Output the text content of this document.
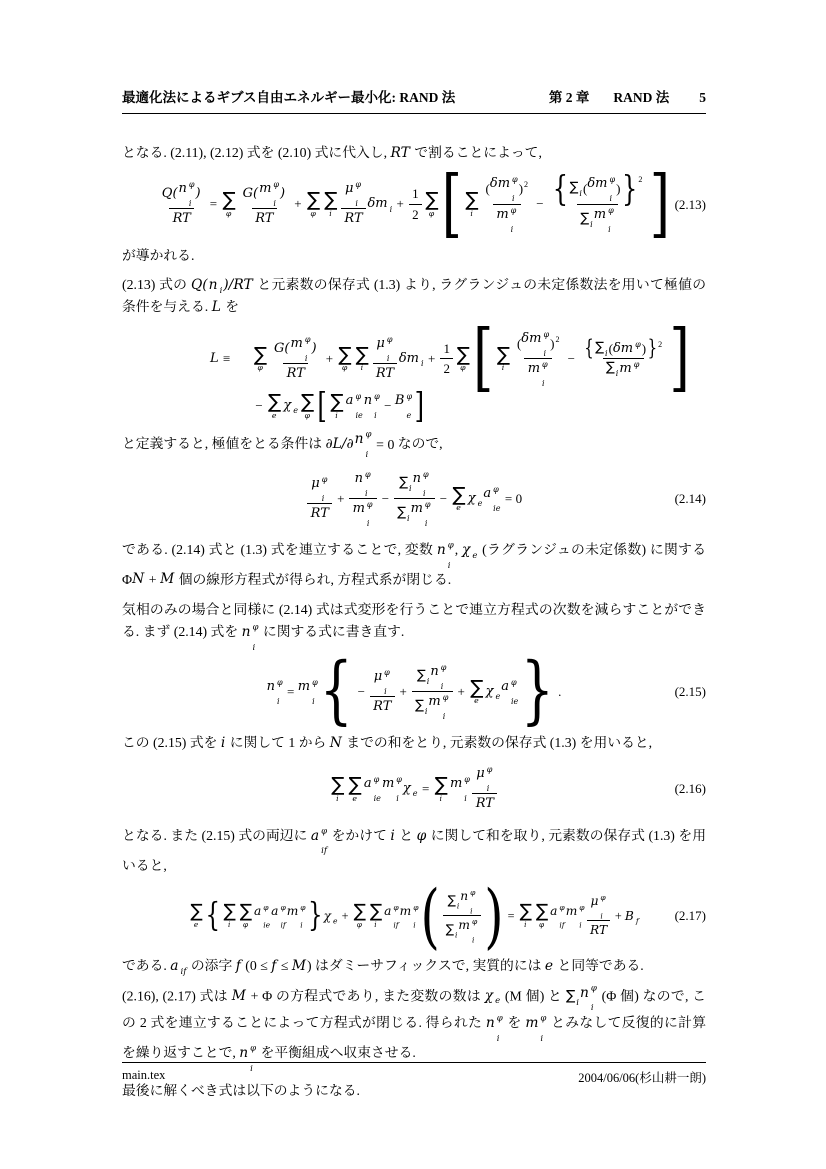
最適化法によるギブス自由エネルギー最小化: RAND 法	第 2 章 RAND 法 5

となる. (2.11), (2.12) 式を (2.10) 式に代入し, RT で割ることによって,

Q( n φ
i
)
RT
= ∑
φ
G( m φ
i
)
RT
+ ∑
φ
∑
i
μ φ
i
RT
δm $i + \frac{1}{2}$ ∑
φ [ ∑
i
( δm φ
i
) 2
m φ
i
− { ∑ i ( δm φ
i
) } 2
∑ i
m φ
i ] (2.13)

が導かれる.

(2.13) 式の Q( n i )/RT と元素数の保存式 (1.3) より, ラグランジュの未定係数法を用いて極値の条件を与える. L を

L ≡ ∑
φ
G( m φ
i
)
RT
+ ∑
φ
∑
i
μ φ
i
RT
δm $i + \frac{1}{2}$ ∑
φ [ ∑
i
( δm φ
i
) 2
m φ
i
− { ∑ i ( δm φ ) } 2
∑ i m φ ]
− ∑
e
χ e ∑
φ [ ∑
i
a φ
ie
n φ
i
− B φ
e ]

と定義すると, 極値をとる条件は ∂L/∂ n φ
i
= 0 なので,

μ φ
i
RT
+
n φ
i
m φ
i
−
∑ i
n φ
i
∑ i
m φ
i
− ∑
e
χ e
a φ
ie
= 0	(2.14)

である. (2.14) 式と (1.3) 式を連立することで, 変数 n φ
i
, χ e (ラグランジュの未定係数) に関する
Φ N + M 個の線形方程式が得られ, 方程式系が閉じる.

気相のみの場合と同様に (2.14) 式は式変形を行うことで連立方程式の次数を減らすことができる. まず (2.14) 式を n φ
i
に関する式に書き直す.

n φ
i
= m φ
i { −
μ φ
i
RT
+
∑ i
n φ
i
∑ i
m φ
i
+ ∑
e
χ e
a φ
ie } .	(2.15)

この (2.15) 式を i に関して 1 から N までの和をとり, 元素数の保存式 (1.3) を用いると,

∑
i
∑
e
a φ
ie
m φ
i
χ e = ∑
i
m φ
i
μ φ
i
RT
(2.16)

となる. また (2.15) 式の両辺に a φ
if
をかけて i と φ に関して和を取り, 元素数の保存式 (1.3) を用いると,

∑
e { ∑
i
∑
φ
a φ
ie
a φ
if
m φ
i } χ e + ∑
φ
∑
i
a φ
if
m φ
i ( ∑ i
n φ
i
∑ i
m φ
i ) = ∑
i
∑
φ
a φ
if
m φ
i
μ φ
i
RT
+ B f	(2.17)

である. a if の添字 f (0 ≤ f ≤ M) はダミーサフィックスで, 実質的には e と同等である.

(2.16), (2.17) 式は M + Φ の方程式であり, また変数の数は χ e (M 個) と ∑ i
n φ
i
(Φ 個) なので, この 2 式を連立することによって方程式が閉じる. 得られた n φ
i
を m φ
i
とみなして反復的に計算を繰り返すことで, n φ
i
を平衡組成へ収束させる.

最後に解くべき式は以下のようになる.

main.tex	2004/06/06(杉山耕一朗)
